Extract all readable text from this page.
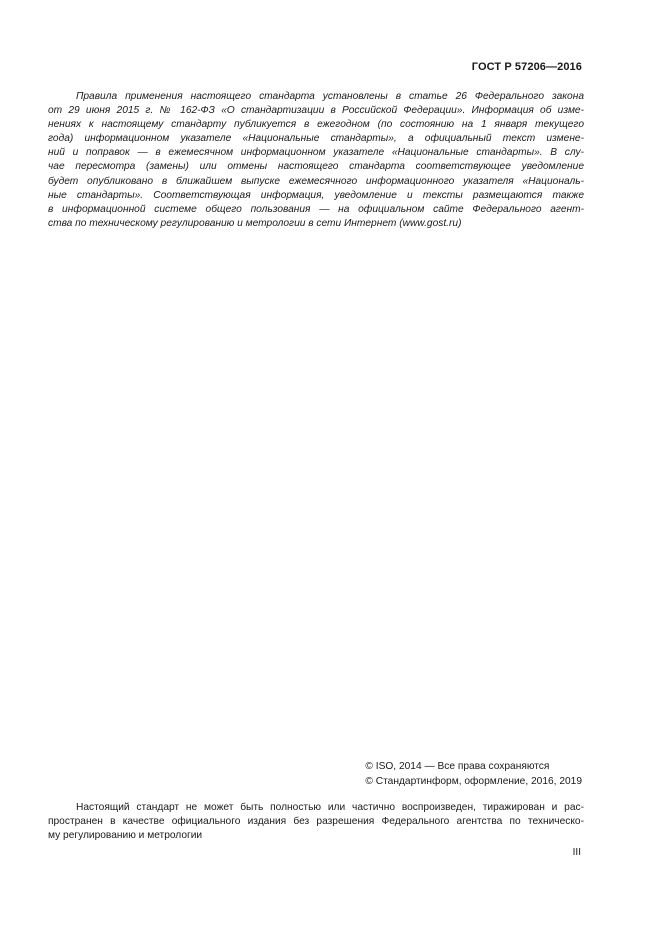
ГОСТ Р 57206—2016
Правила применения настоящего стандарта установлены в статье 26 Федерального закона
от 29 июня 2015 г. № 162-ФЗ «О стандартизации в Российской Федерации». Информация об изме-
нениях к настоящему стандарту публикуется в ежегодном (по состоянию на 1 января текущего
года) информационном указателе «Национальные стандарты», а официальный текст измене-
ний и поправок — в ежемесячном информационном указателе «Национальные стандарты». В слу-
чае пересмотра (замены) или отмены настоящего стандарта соответствующее уведомление
будет опубликовано в ближайшем выпуске ежемесячного информационного указателя «Националь-
ные стандарты». Соответствующая информация, уведомление и тексты размещаются также
в информационной системе общего пользования — на официальном сайте Федерального агент-
ства по техническому регулированию и метрологии в сети Интернет (www.gost.ru)
© ISO, 2014 — Все права сохраняются
© Стандартинформ, оформление, 2016, 2019
Настоящий стандарт не может быть полностью или частично воспроизведен, тиражирован и рас-
пространен в качестве официального издания без разрешения Федерального агентства по техническо-
му регулированию и метрологии
III
